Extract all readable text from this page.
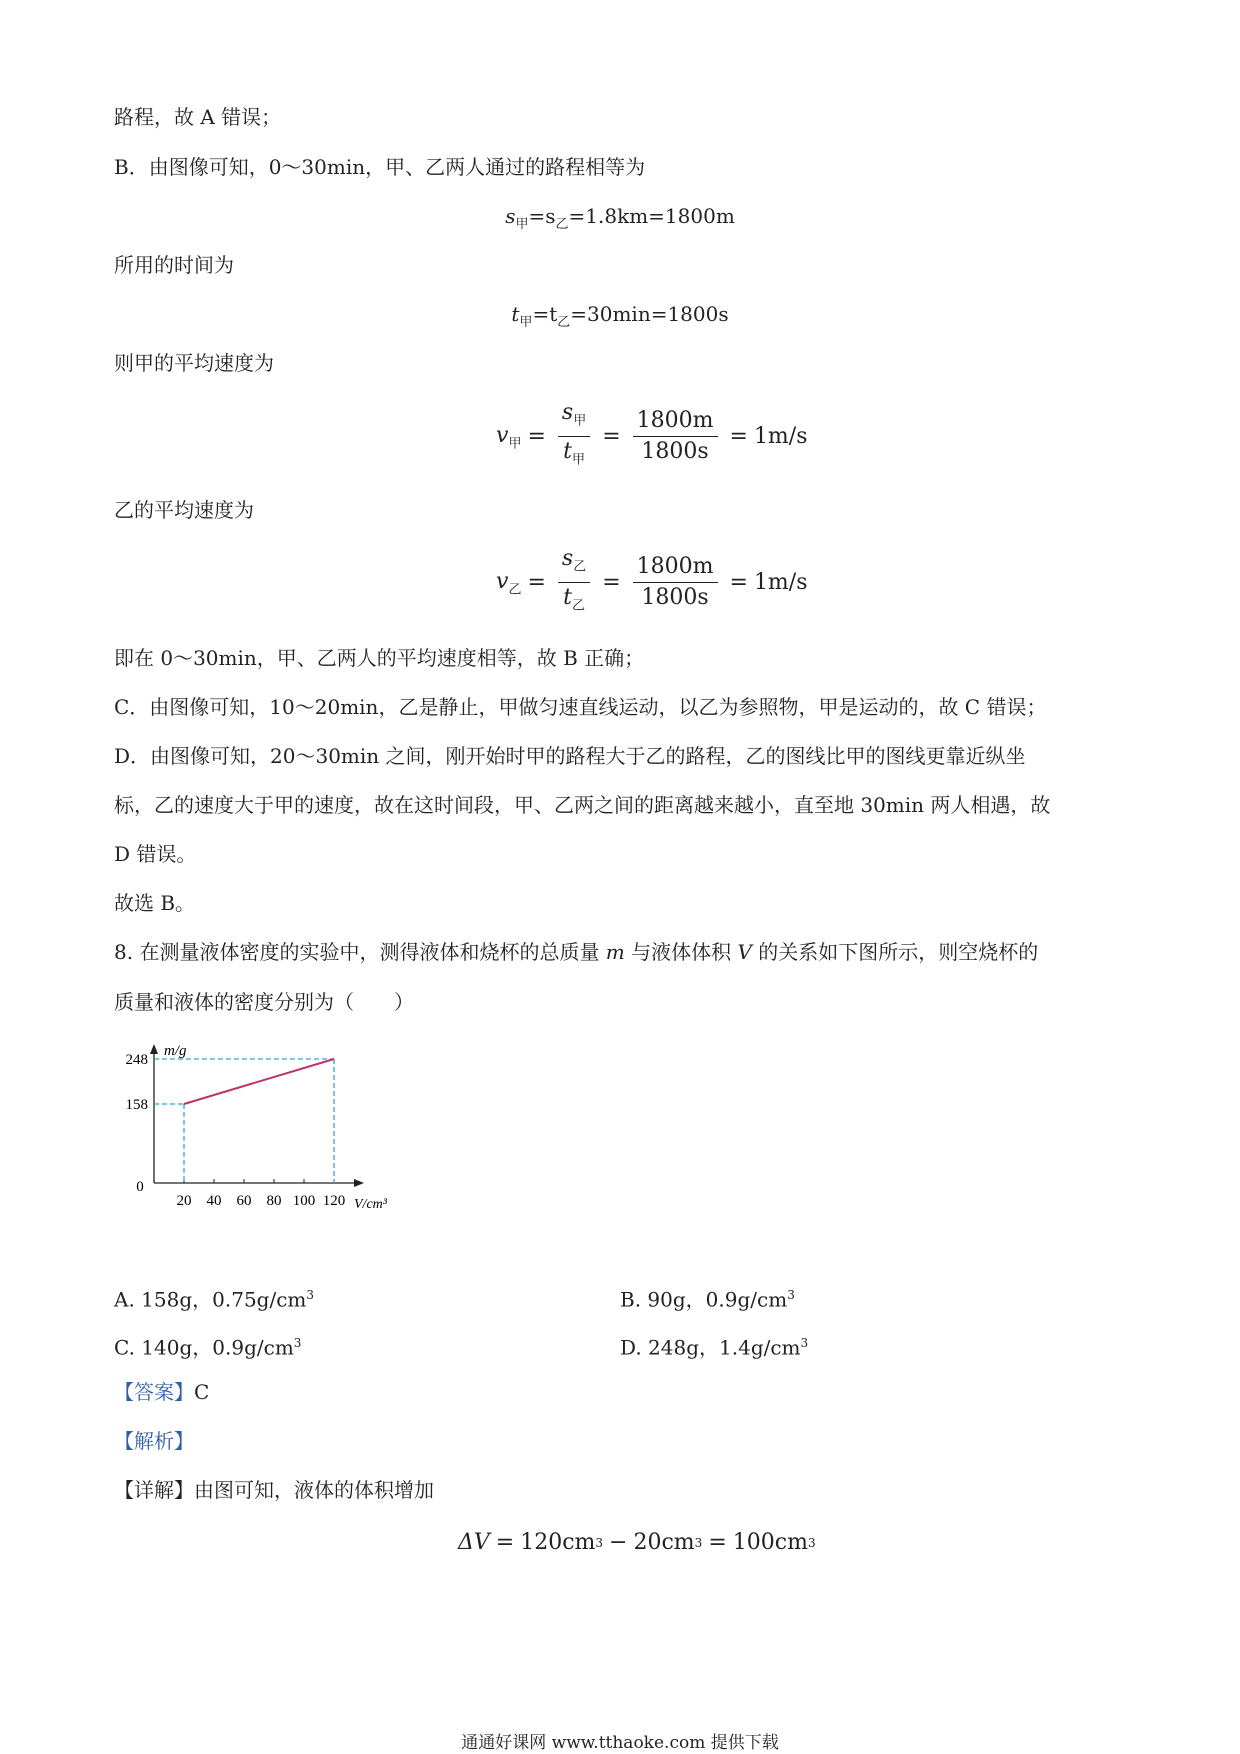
路程，故 A 错误；
B．由图像可知，0～30min，甲、乙两人通过的路程相等为
$s_甲=s_乙=1.8km=1800m$
所用的时间为
$t_甲=t_乙=30\min=1800s$
则甲的平均速度为
$v_甲 = \frac{s_甲}{t_甲} = \frac{1800m}{1800s} = 1m/s$
乙的平均速度为
$v_乙 = \frac{s_乙}{t_乙} = \frac{1800m}{1800s} = 1m/s$
即在 0～30min，甲、乙两人的平均速度相等，故 B 正确；
C．由图像可知，10～20min，乙是静止，甲做匀速直线运动，以乙为参照物，甲是运动的，故 C 错误；
D．由图像可知，20～30min 之间，刚开始时甲的路程大于乙的路程，乙的图线比甲的图线更靠近纵坐
标，乙的速度大于甲的速度，故在这时间段，甲、乙两之间的距离越来越小，直至地 30min 两人相遇，故
D 错误。
故选 B。
8. 在测量液体密度的实验中，测得液体和烧杯的总质量 m 与液体体积 V 的关系如下图所示，则空烧杯的
质量和液体的密度分别为（　　）
m/g
V/cm³
20 40 60 80 100 120
0
158
248
A. 158g，$0.75g/cm^3$	B. 90g，$0.9g/cm^3$
C. 140g，$0.9g/cm^3$	D. 248g，$1.4g/cm^3$
【答案】C
【解析】
【详解】由图可知，液体的体积增加
ΔV = 120cm 3 − 20cm 3 = 100cm 3
通通好课网 www.tthaoke.com 提供下载
